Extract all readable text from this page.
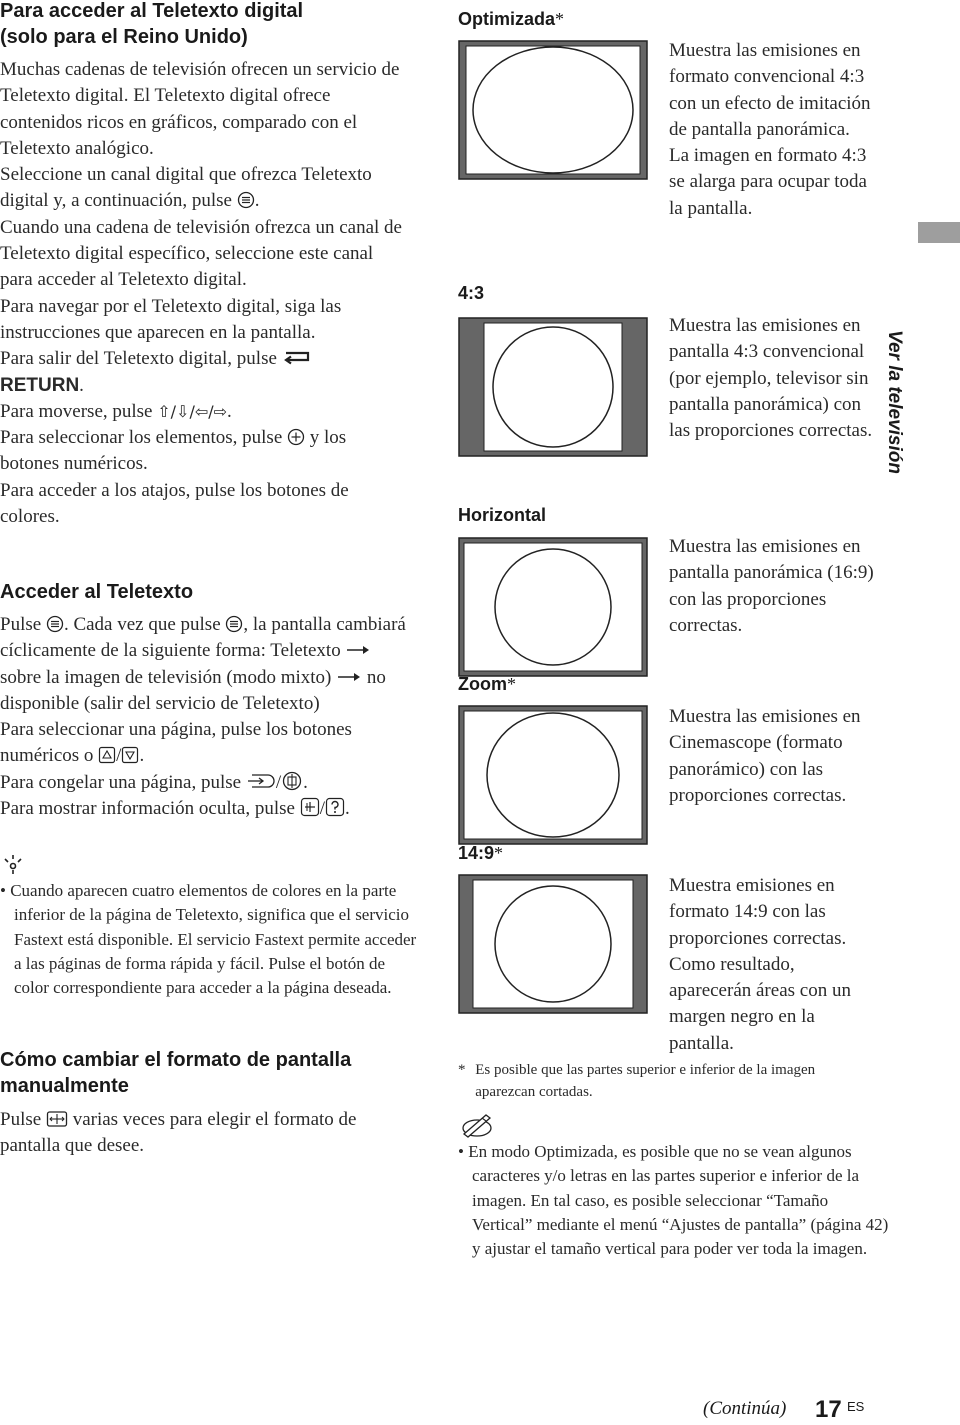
Para acceder al Teletexto digital
(solo para el Reino Unido)

Muchas cadenas de televisión ofrecen un servicio de Teletexto digital. El Teletexto digital ofrece contenidos ricos en gráficos, comparado con el Teletexto analógico.

Seleccione un canal digital que ofrezca Teletexto digital y, a continuación, pulse .

Cuando una cadena de televisión ofrezca un canal de Teletexto digital específico, seleccione este canal para acceder al Teletexto digital.

Para navegar por el Teletexto digital, siga las instrucciones que aparecen en la pantalla.

Para salir del Teletexto digital, pulse
RETURN.

Para moverse, pulse ⇧/⇩/⇦/⇨.

Para seleccionar los elementos, pulse y los botones numéricos.

Para acceder a los atajos, pulse los botones de colores.

Acceder al Teletexto

Pulse . Cada vez que pulse , la pantalla cambiará cíclicamente de la siguiente forma: Teletexto  sobre la imagen de televisión (modo mixto) no disponible (salir del servicio de Teletexto)

Para seleccionar una página, pulse los botones numéricos o / .

Para congelar una página, pulse / .

Para mostrar información oculta, pulse / .

• Cuando aparecen cuatro elementos de colores en la parte inferior de la página de Teletexto, significa que el servicio Fastext está disponible. El servicio Fastext permite acceder a las páginas de forma rápida y fácil. Pulse el botón de color correspondiente para acceder a la página deseada.
Cómo cambiar el formato de pantalla
manualmente

Pulse varias veces para elegir el formato de pantalla que desee.

Optimizada*
Muestra las emisiones en formato convencional 4:3 con un efecto de imitación de pantalla panorámica. La imagen en formato 4:3 se alarga para ocupar toda la pantalla.
4:3
Muestra las emisiones en pantalla 4:3 convencional (por ejemplo, televisor sin pantalla panorámica) con las proporciones correctas.
Horizontal
Muestra las emisiones en pantalla panorámica (16:9) con las proporciones correctas.
Zoom*
Muestra las emisiones en Cinemascope (formato panorámico) con las proporciones correctas.
14:9*
Muestra emisiones en formato 14:9 con las proporciones correctas. Como resultado, aparecerán áreas con un margen negro en la pantalla.
* Es posible que las partes superior e inferior de la imagen aparezcan cortadas.
• En modo Optimizada, es posible que no se vean algunos caracteres y/o letras en las partes superior e inferior de la imagen. En tal caso, es posible seleccionar “Tamaño Vertical” mediante el menú “Ajustes de pantalla” (página 42) y ajustar el tamaño vertical para poder ver toda la imagen.
Ver la televisión
(Continúa) 17 ES
